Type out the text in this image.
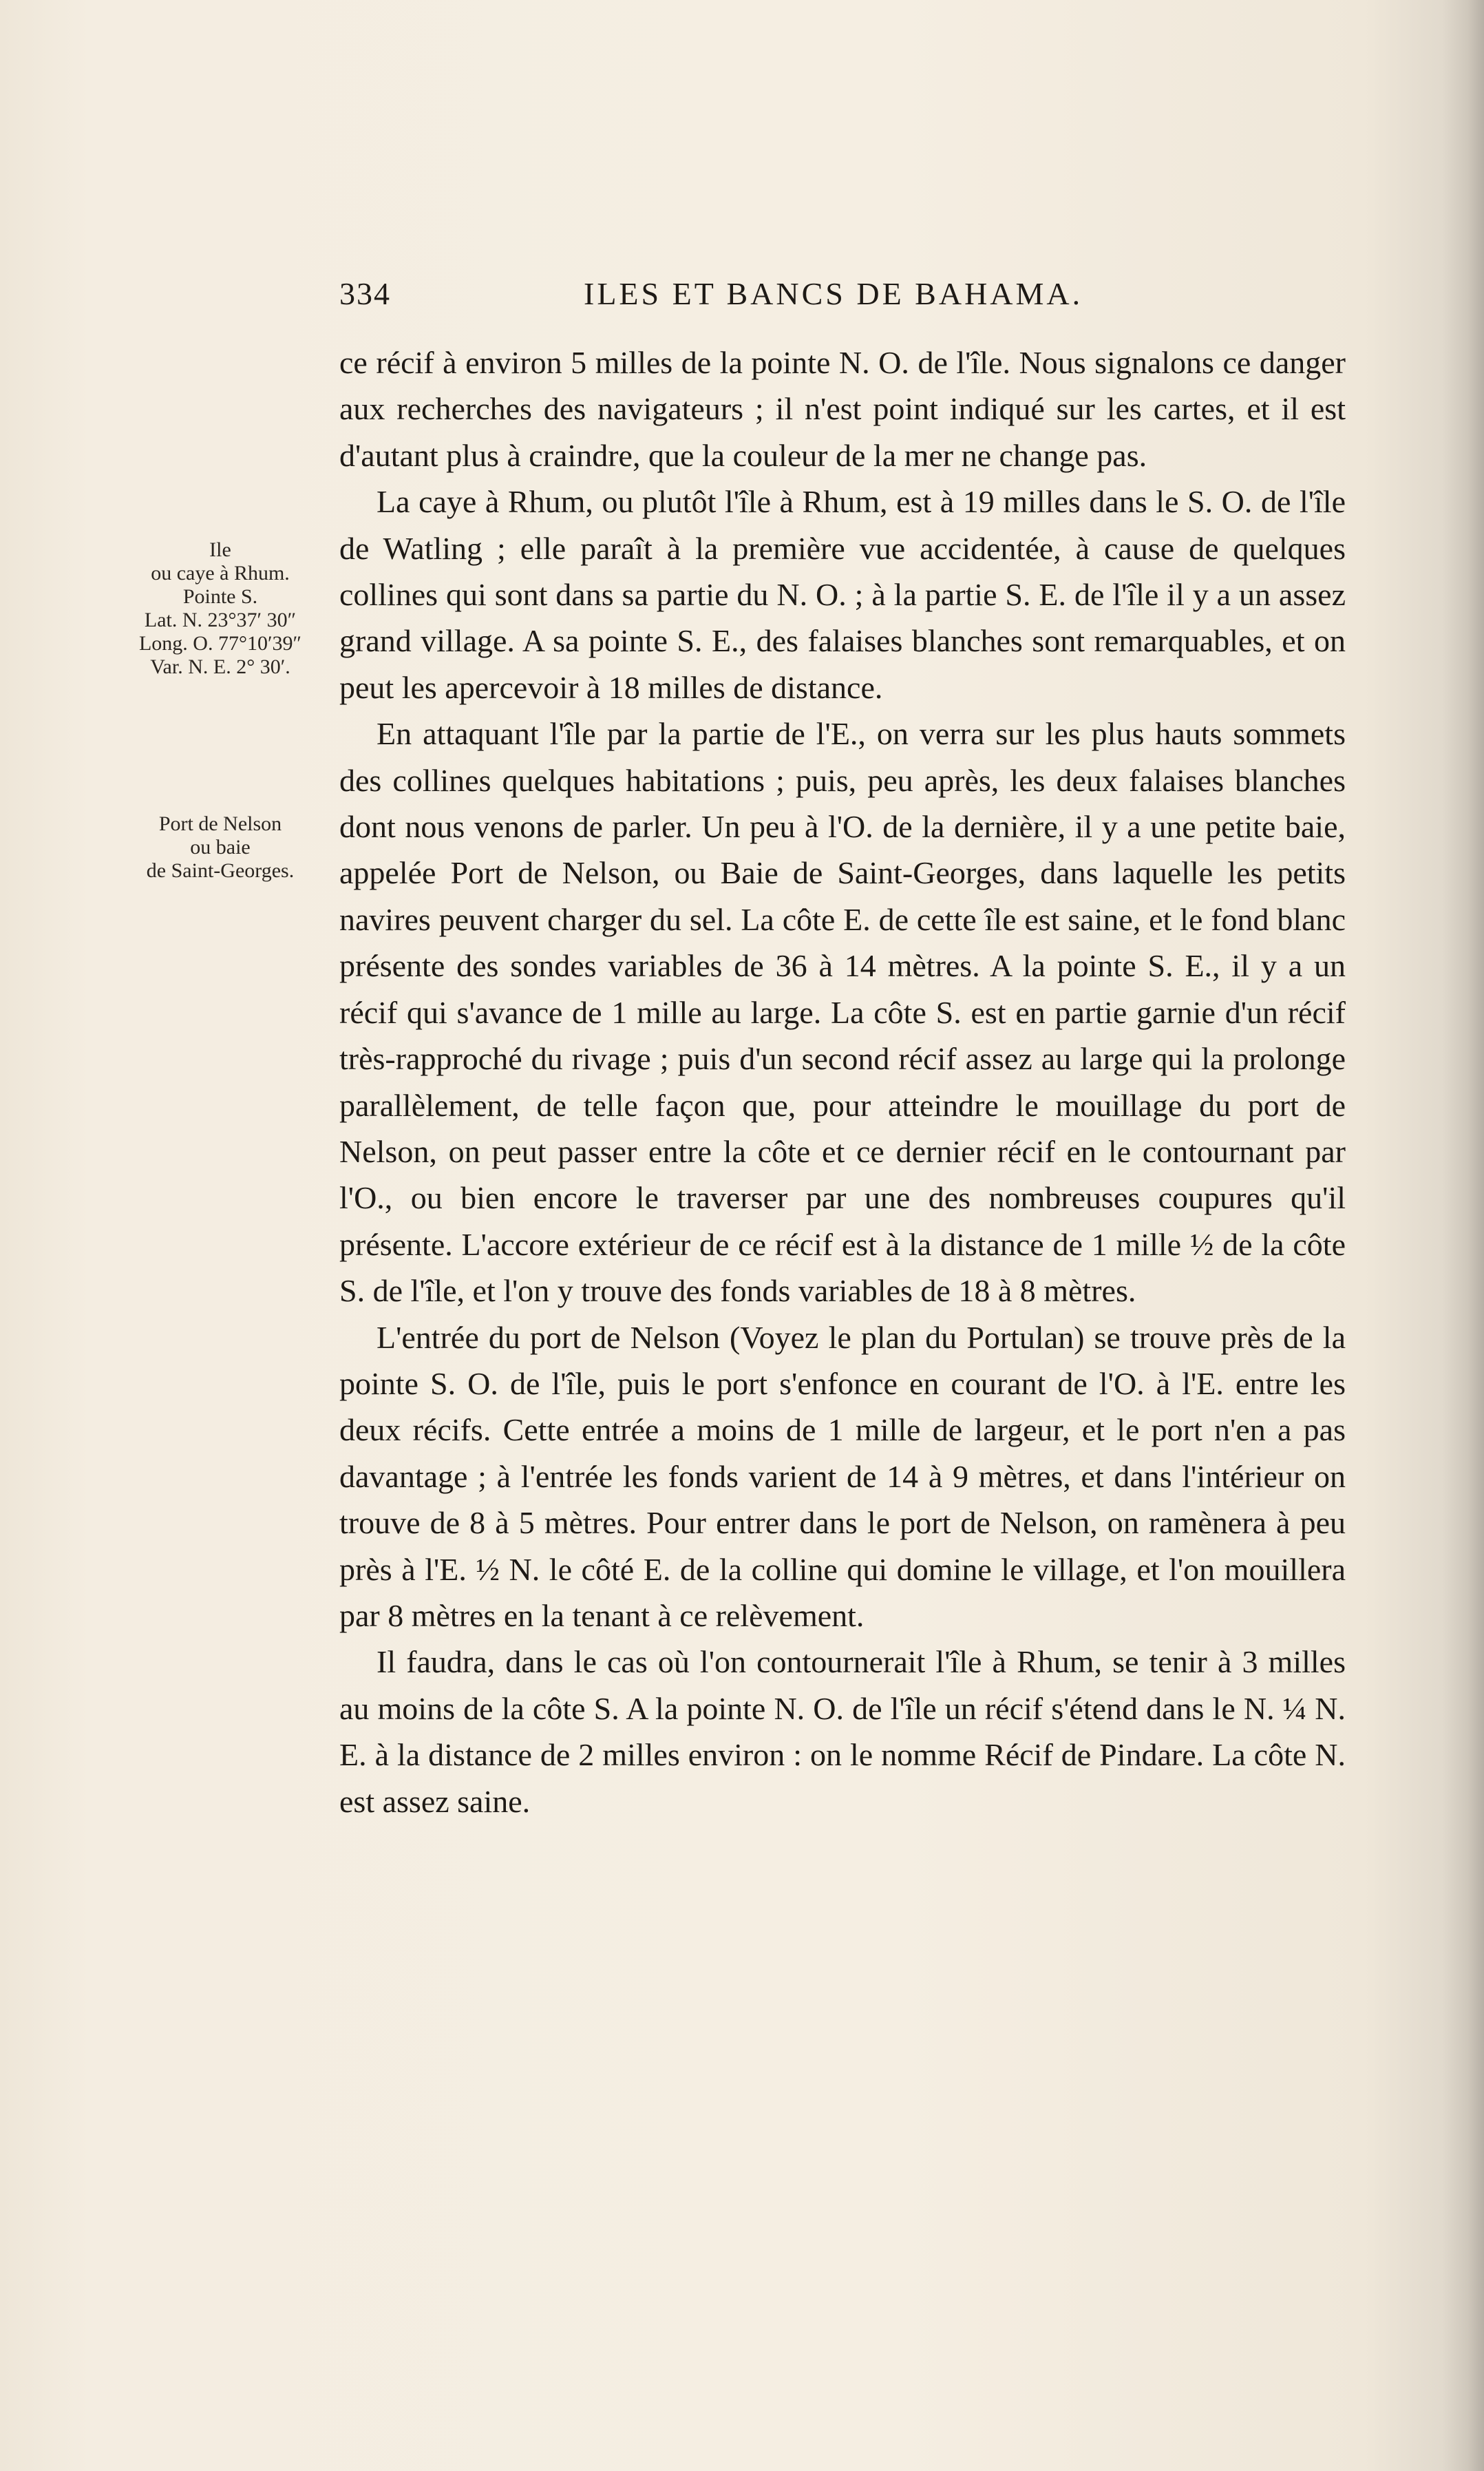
334	ILES ET BANCS DE BAHAMA.
Ile
ou caye à Rhum.
Pointe S.
Lat. N. 23°37′ 30″
Long. O. 77°10′39″
Var. N. E. 2° 30′.
Port de Nelson
ou baie
de Saint-Georges.

ce récif à environ 5 milles de la pointe N. O. de l'île. Nous signalons ce danger aux recherches des navigateurs ; il n'est point indiqué sur les cartes, et il est d'autant plus à craindre, que la couleur de la mer ne change pas.

La caye à Rhum, ou plutôt l'île à Rhum, est à 19 milles dans le S. O. de l'île de Watling ; elle paraît à la première vue accidentée, à cause de quelques collines qui sont dans sa partie du N. O. ; à la partie S. E. de l'île il y a un assez grand village. A sa pointe S. E., des falaises blanches sont remarquables, et on peut les apercevoir à 18 milles de distance.

En attaquant l'île par la partie de l'E., on verra sur les plus hauts sommets des collines quelques habitations ; puis, peu après, les deux falaises blanches dont nous venons de parler. Un peu à l'O. de la dernière, il y a une petite baie, appelée Port de Nelson, ou Baie de Saint-Georges, dans laquelle les petits navires peuvent charger du sel. La côte E. de cette île est saine, et le fond blanc présente des sondes variables de 36 à 14 mètres. A la pointe S. E., il y a un récif qui s'avance de 1 mille au large. La côte S. est en partie garnie d'un récif très-rapproché du rivage ; puis d'un second récif assez au large qui la prolonge parallèlement, de telle façon que, pour atteindre le mouillage du port de Nelson, on peut passer entre la côte et ce dernier récif en le contournant par l'O., ou bien encore le traverser par une des nombreuses coupures qu'il présente. L'accore extérieur de ce récif est à la distance de 1 mille ½ de la côte S. de l'île, et l'on y trouve des fonds variables de 18 à 8 mètres.

L'entrée du port de Nelson (Voyez le plan du Portulan) se trouve près de la pointe S. O. de l'île, puis le port s'enfonce en courant de l'O. à l'E. entre les deux récifs. Cette entrée a moins de 1 mille de largeur, et le port n'en a pas davantage ; à l'entrée les fonds varient de 14 à 9 mètres, et dans l'intérieur on trouve de 8 à 5 mètres. Pour entrer dans le port de Nelson, on ramènera à peu près à l'E. ½ N. le côté E. de la colline qui domine le village, et l'on mouillera par 8 mètres en la tenant à ce relèvement.

Il faudra, dans le cas où l'on contournerait l'île à Rhum, se tenir à 3 milles au moins de la côte S. A la pointe N. O. de l'île un récif s'étend dans le N. ¼ N. E. à la distance de 2 milles environ : on le nomme Récif de Pindare. La côte N. est assez saine.
